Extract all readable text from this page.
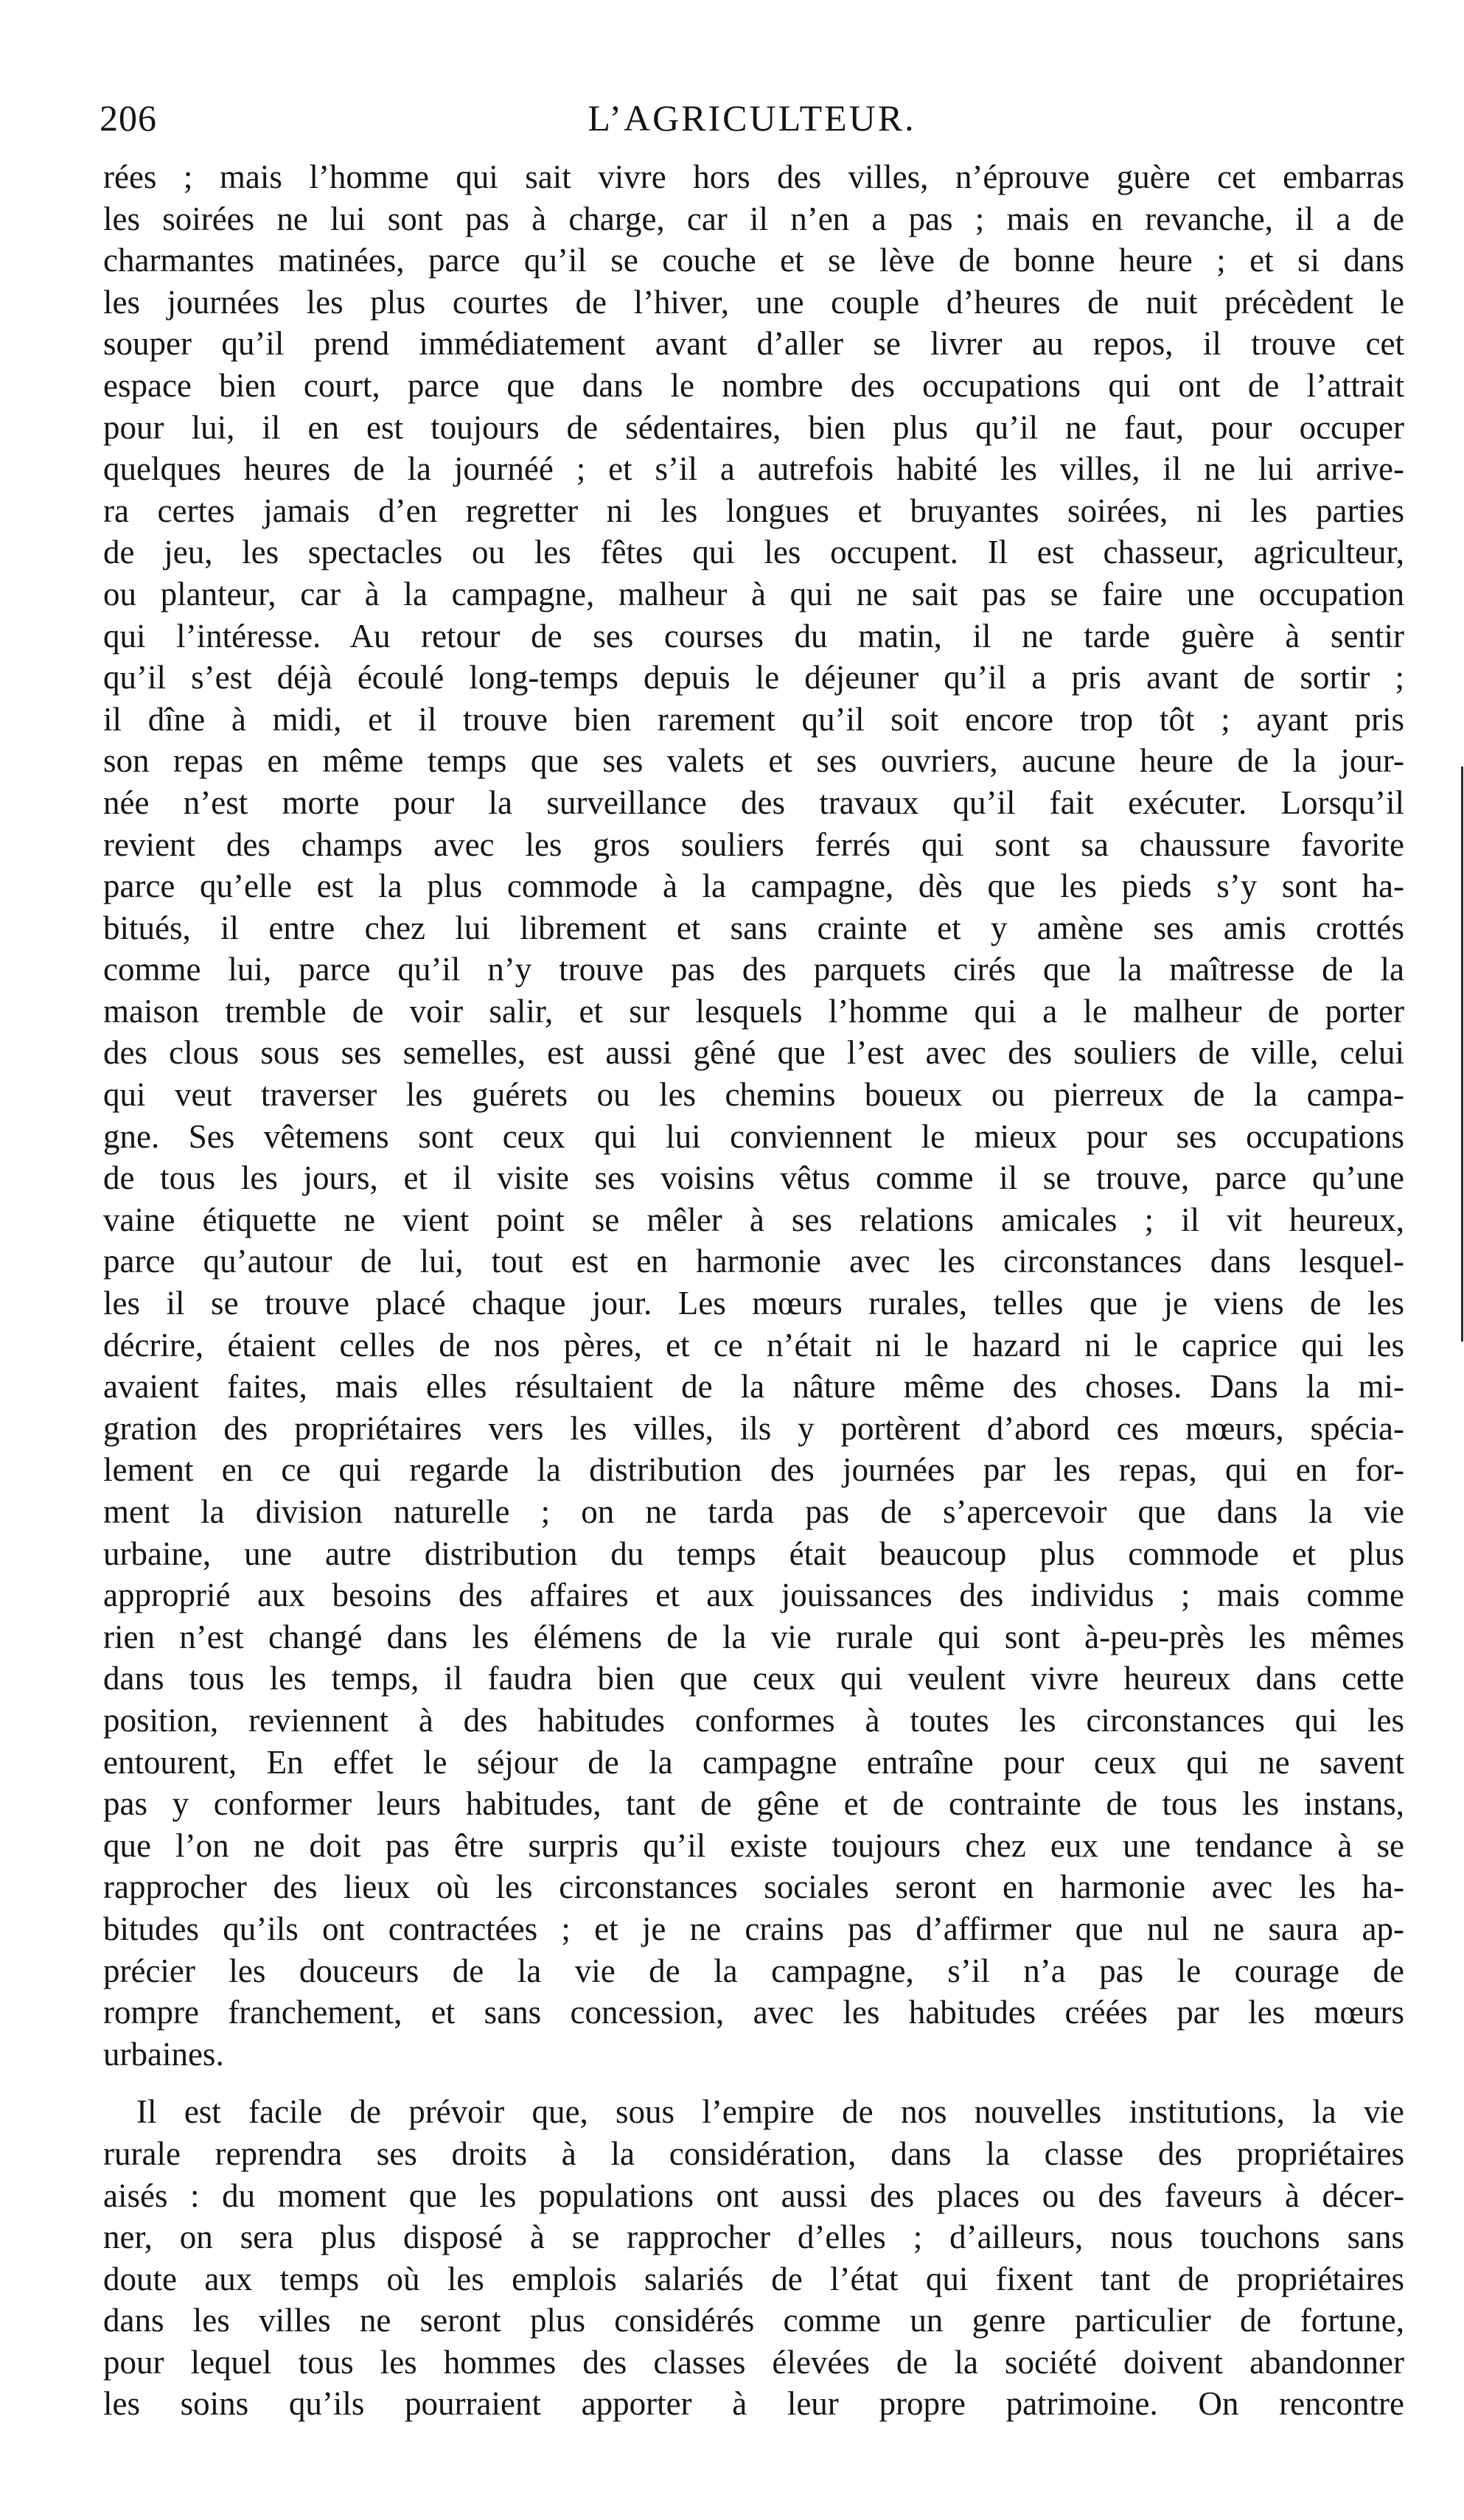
206	L’AGRICULTEUR.
rées ; mais l’homme qui sait vivre hors des villes, n’éprouve guère cet embarras
les soirées ne lui sont pas à charge, car il n’en a pas ; mais en revanche, il a de
charmantes matinées, parce qu’il se couche et se lève de bonne heure ; et si dans
les journées les plus courtes de l’hiver, une couple d’heures de nuit précèdent le
souper qu’il prend immédiatement avant d’aller se livrer au repos, il trouve cet
espace bien court, parce que dans le nombre des occupations qui ont de l’attrait
pour lui, il en est toujours de sédentaires, bien plus qu’il ne faut, pour occuper
quelques heures de la journéé ; et s’il a autrefois habité les villes, il ne lui arrive-
ra certes jamais d’en regretter ni les longues et bruyantes soirées, ni les parties
de jeu, les spectacles ou les fêtes qui les occupent. Il est chasseur, agriculteur,
ou planteur, car à la campagne, malheur à qui ne sait pas se faire une occupation
qui l’intéresse. Au retour de ses courses du matin, il ne tarde guère à sentir
qu’il s’est déjà écoulé long-temps depuis le déjeuner qu’il a pris avant de sortir ;
il dîne à midi, et il trouve bien rarement qu’il soit encore trop tôt ; ayant pris
son repas en même temps que ses valets et ses ouvriers, aucune heure de la jour-
née n’est morte pour la surveillance des travaux qu’il fait exécuter. Lorsqu’il
revient des champs avec les gros souliers ferrés qui sont sa chaussure favorite
parce qu’elle est la plus commode à la campagne, dès que les pieds s’y sont ha-
bitués, il entre chez lui librement et sans crainte et y amène ses amis crottés
comme lui, parce qu’il n’y trouve pas des parquets cirés que la maîtresse de la
maison tremble de voir salir, et sur lesquels l’homme qui a le malheur de porter
des clous sous ses semelles, est aussi gêné que l’est avec des souliers de ville, celui
qui veut traverser les guérets ou les chemins boueux ou pierreux de la campa-
gne. Ses vêtemens sont ceux qui lui conviennent le mieux pour ses occupations
de tous les jours, et il visite ses voisins vêtus comme il se trouve, parce qu’une
vaine étiquette ne vient point se mêler à ses relations amicales ; il vit heureux,
parce qu’autour de lui, tout est en harmonie avec les circonstances dans lesquel-
les il se trouve placé chaque jour. Les mœurs rurales, telles que je viens de les
décrire, étaient celles de nos pères, et ce n’était ni le hazard ni le caprice qui les
avaient faites, mais elles résultaient de la nâture même des choses. Dans la mi-
gration des propriétaires vers les villes, ils y portèrent d’abord ces mœurs, spécia-
lement en ce qui regarde la distribution des journées par les repas, qui en for-
ment la division naturelle ; on ne tarda pas de s’apercevoir que dans la vie
urbaine, une autre distribution du temps était beaucoup plus commode et plus
approprié aux besoins des affaires et aux jouissances des individus ; mais comme
rien n’est changé dans les élémens de la vie rurale qui sont à-peu-près les mêmes
dans tous les temps, il faudra bien que ceux qui veulent vivre heureux dans cette
position, reviennent à des habitudes conformes à toutes les circonstances qui les
entourent, En effet le séjour de la campagne entraîne pour ceux qui ne savent
pas y conformer leurs habitudes, tant de gêne et de contrainte de tous les instans,
que l’on ne doit pas être surpris qu’il existe toujours chez eux une tendance à se
rapprocher des lieux où les circonstances sociales seront en harmonie avec les ha-
bitudes qu’ils ont contractées ; et je ne crains pas d’affirmer que nul ne saura ap-
précier les douceurs de la vie de la campagne, s’il n’a pas le courage de
rompre franchement, et sans concession, avec les habitudes créées par les mœurs
urbaines.
Il est facile de prévoir que, sous l’empire de nos nouvelles institutions, la vie
rurale reprendra ses droits à la considération, dans la classe des propriétaires
aisés : du moment que les populations ont aussi des places ou des faveurs à décer-
ner, on sera plus disposé à se rapprocher d’elles ; d’ailleurs, nous touchons sans
doute aux temps où les emplois salariés de l’état qui fixent tant de propriétaires
dans les villes ne seront plus considérés comme un genre particulier de fortune,
pour lequel tous les hommes des classes élevées de la société doivent abandonner
les soins qu’ils pourraient apporter à leur propre patrimoine. On rencontre
